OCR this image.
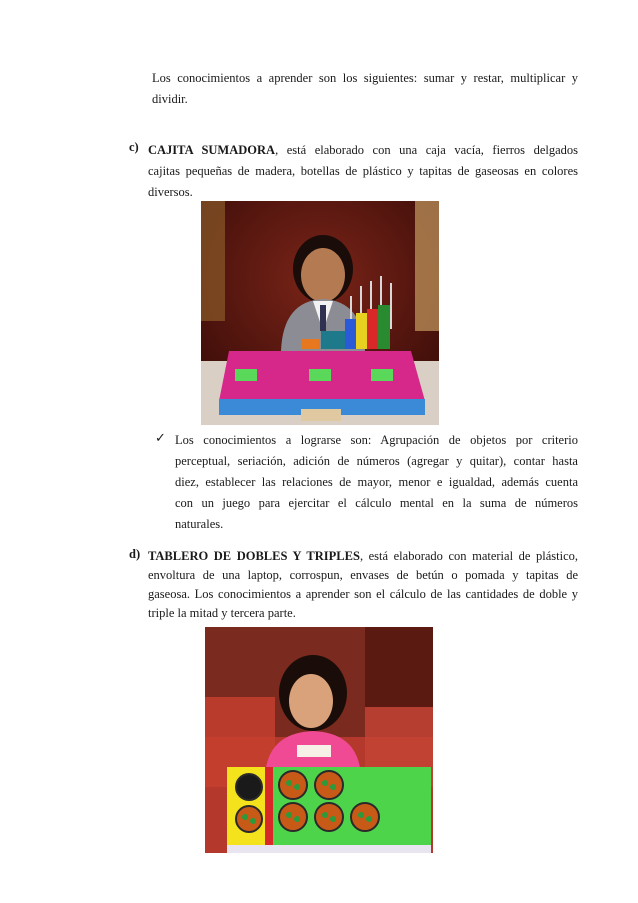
Los conocimientos a aprender son los siguientes: sumar y restar, multiplicar y
dividir.
c) CAJITA SUMADORA, está elaborado con una caja vacía, fierros delgados
cajitas pequeñas de madera, botellas de plástico y tapitas de gaseosas en colores
diversos.
✓ Los conocimientos a lograrse son: Agrupación de objetos por criterio
perceptual, seriación, adición de números (agregar y quitar), contar hasta
diez, establecer las relaciones de mayor, menor e igualdad, además cuenta
con un juego para ejercitar el cálculo mental en la suma de números
naturales.
d) TABLERO DE DOBLES Y TRIPLES, está elaborado con material de plástico,
envoltura de una laptop, corrospun, envases de betún o pomada y tapitas de
gaseosa. Los conocimientos a aprender son el cálculo de las cantidades de doble y
triple la mitad y tercera parte.
